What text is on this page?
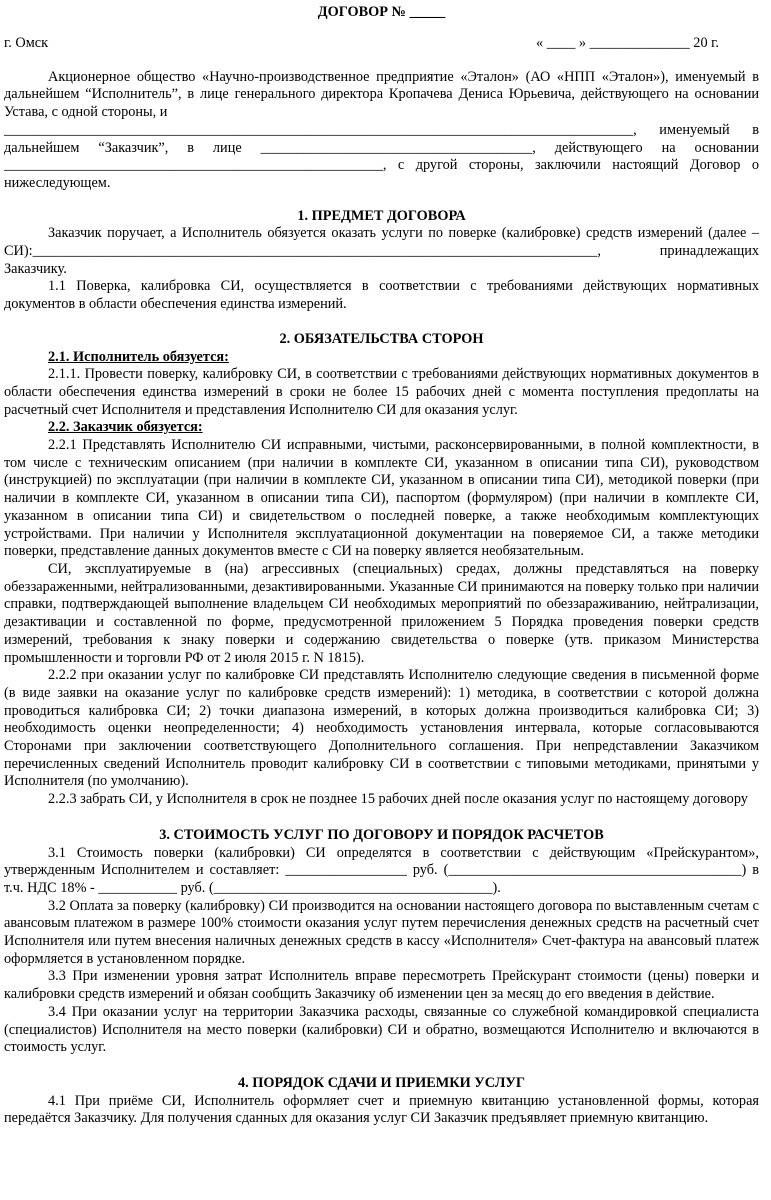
ДОГОВОР № _____
г. Омск	« ____ » ______________ 20 г.

Акционерное общество «Научно-производственное предприятие «Эталон» (АО «НПП «Эталон»), именуемый в дальнейшем “Исполнитель”, в лице генерального директора Кропачева Дениса Юрьевича, действующего на основании Устава, с одной стороны, и

________________________________________________________________________________________, именуемый в дальнейшем “Заказчик”, в лице ______________________________________, действующего на основании _____________________________________________________, с другой стороны, заключили настоящий Договор о нижеследующем.

1. ПРЕДМЕТ ДОГОВОРА

Заказчик поручает, а Исполнитель обязуется оказать услуги по поверке (калибровке) средств измерений (далее – СИ):_______________________________________________________________________________, принадлежащих Заказчику.

1.1 Поверка, калибровка СИ, осуществляется в соответствии с требованиями действующих нормативных документов в области обеспечения единства измерений.

2. ОБЯЗАТЕЛЬСТВА СТОРОН

2.1. Исполнитель обязуется:

2.1.1. Провести поверку, калибровку СИ, в соответствии с требованиями действующих нормативных документов в области обеспечения единства измерений в сроки не более 15 рабочих дней с момента поступления предоплаты на расчетный счет Исполнителя и представления Исполнителю СИ для оказания услуг.

2.2. Заказчик обязуется:

2.2.1 Представлять Исполнителю СИ исправными, чистыми, расконсервированными, в полной комплектности, в том числе с техническим описанием (при наличии в комплекте СИ, указанном в описании типа СИ), руководством (инструкцией) по эксплуатации (при наличии в комплекте СИ, указанном в описании типа СИ), методикой поверки (при наличии в комплекте СИ, указанном в описании типа СИ), паспортом (формуляром) (при наличии в комплекте СИ, указанном в описании типа СИ) и свидетельством о последней поверке, а также необходимым комплектующих устройствами. При наличии у Исполнителя эксплуатационной документации на поверяемое СИ, а также методики поверки, представление данных документов вместе с СИ на поверку является необязательным.

СИ, эксплуатируемые в (на) агрессивных (специальных) средах, должны представляться на поверку обеззараженными, нейтрализованными, дезактивированными. Указанные СИ принимаются на поверку только при наличии справки, подтверждающей выполнение владельцем СИ необходимых мероприятий по обеззараживанию, нейтрализации, дезактивации и составленной по форме, предусмотренной приложением 5 Порядка проведения поверки средств измерений, требования к знаку поверки и содержанию свидетельства о поверке (утв. приказом Министерства промышленности и торговли РФ от 2 июля 2015 г. N 1815).

2.2.2 при оказании услуг по калибровке СИ представлять Исполнителю следующие сведения в письменной форме (в виде заявки на оказание услуг по калибровке средств измерений): 1) методика, в соответствии с которой должна проводиться калибровка СИ; 2) точки диапазона измерений, в которых должна производиться калибровка СИ; 3) необходимость оценки неопределенности; 4) необходимость установления интервала, которые согласовываются Сторонами при заключении соответствующего Дополнительного соглашения. При непредставлении Заказчиком перечисленных сведений Исполнитель проводит калибровку СИ в соответствии с типовыми методиками, принятыми у Исполнителя (по умолчанию).

2.2.3 забрать СИ, у Исполнителя в срок не позднее 15 рабочих дней после оказания услуг по настоящему договору

3. СТОИМОСТЬ УСЛУГ ПО ДОГОВОРУ И ПОРЯДОК РАСЧЕТОВ

3.1 Стоимость поверки (калибровки) СИ определятся в соответствии с действующим «Прейскурантом», утвержденным Исполнителем и составляет: _________________ руб. (_________________________________________) в т.ч. НДС 18% - ___________ руб. (_______________________________________).

3.2 Оплата за поверку (калибровку) СИ производится на основании настоящего договора по выставленным счетам с авансовым платежом в размере 100% стоимости оказания услуг путем перечисления денежных средств на расчетный счет Исполнителя или путем внесения наличных денежных средств в кассу «Исполнителя» Счет-фактура на авансовый платеж оформляется в установленном порядке.

3.3 При изменении уровня затрат Исполнитель вправе пересмотреть Прейскурант стоимости (цены) поверки и калибровки средств измерений и обязан сообщить Заказчику об изменении цен за месяц до его введения в действие.

3.4 При оказании услуг на территории Заказчика расходы, связанные со служебной командировкой специалиста (специалистов) Исполнителя на место поверки (калибровки) СИ и обратно, возмещаются Исполнителю и включаются в стоимость услуг.

4. ПОРЯДОК СДАЧИ И ПРИЕМКИ УСЛУГ

4.1 При приёме СИ, Исполнитель оформляет счет и приемную квитанцию установленной формы, которая передаётся Заказчику. Для получения сданных для оказания услуг СИ Заказчик предъявляет приемную квитанцию.
